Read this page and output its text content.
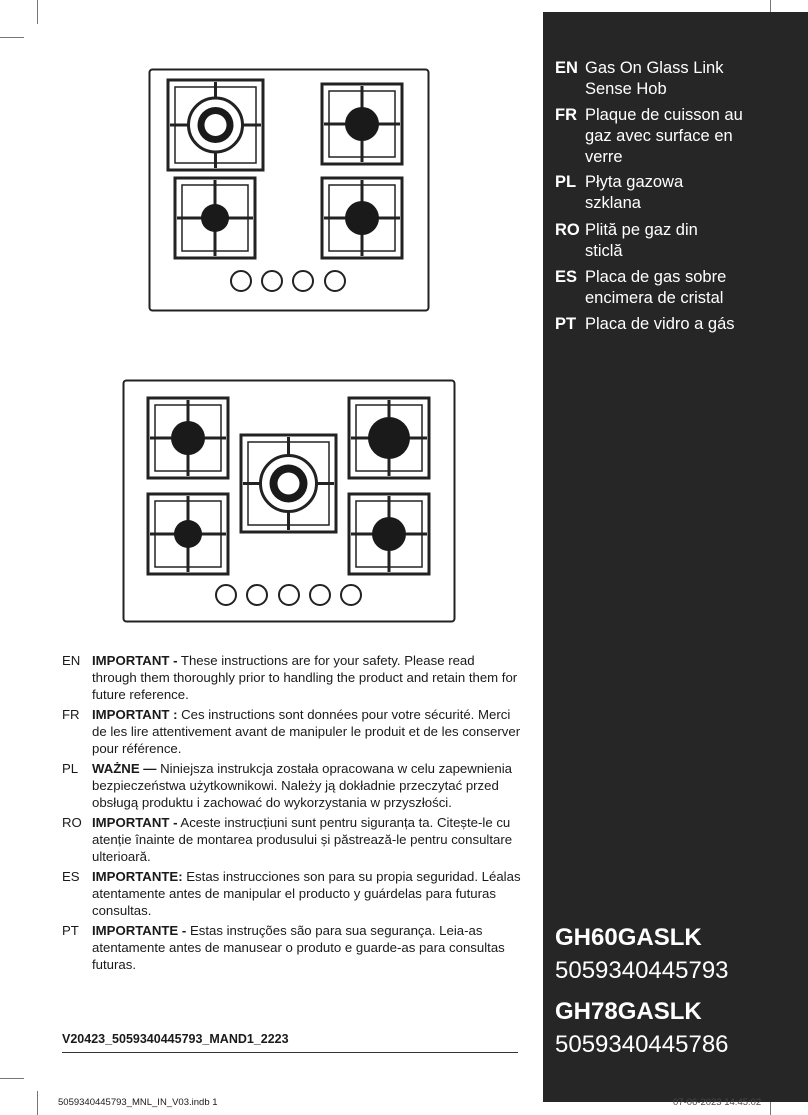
EN Gas On Glass Link Sense Hob
FR Plaque de cuisson au gaz avec surface en verre
PL Płyta gazowa szklana
RO Plită pe gaz din sticlă
ES Placa de gas sobre encimera de cristal
PT Placa de vidro a gás
GH60GASLK
5059340445793
GH78GASLK
5059340445786
EN IMPORTANT - These instructions are for your safety. Please read through them thoroughly prior to handling the product and retain them for future reference.
FR IMPORTANT : Ces instructions sont données pour votre sécurité. Merci de les lire attentivement avant de manipuler le produit et de les conserver pour référence.
PL	WAŻNE — Niniejsza instrukcja została opracowana w celu zapewnienia bezpieczeństwa użytkownikowi. Należy ją dokładnie przeczytać przed obsługą produktu i zachować do wykorzystania w przyszłości.
RO IMPORTANT - Aceste instrucțiuni sunt pentru siguranța ta. Citește-le cu atenție înainte de montarea produsului și păstrează-le pentru consultare ulterioară.
ES IMPORTANTE: Estas instrucciones son para su propia seguridad. Léalas atentamente antes de manipular el producto y guárdelas para futuras consultas.
PT IMPORTANTE - Estas instruções são para sua segurança. Leia-as atentamente antes de manusear o produto e guarde-as para consultas futuras.
V20423_5059340445793_MAND1_2223
5059340445793_MNL_IN_V03.indb 1	07-06-2023 14:45:02
